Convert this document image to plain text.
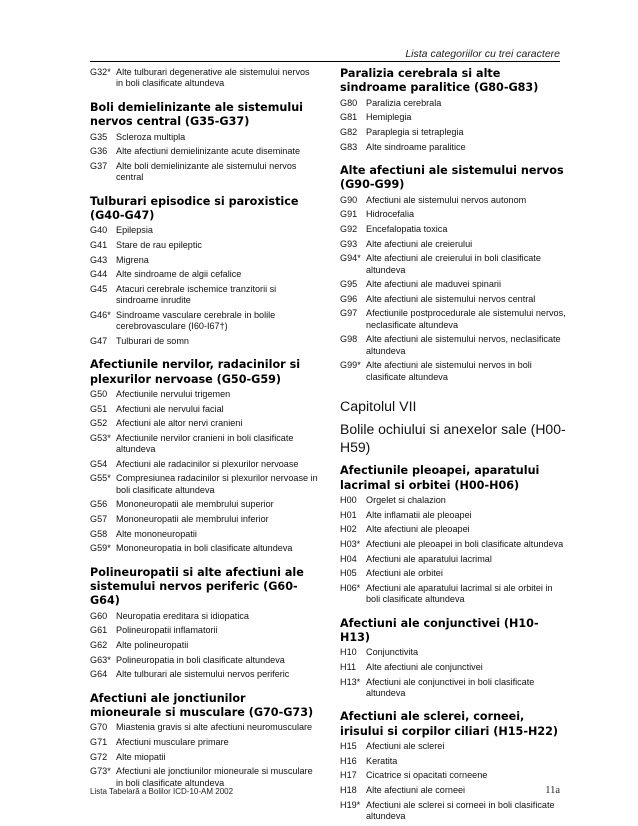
Lista categoriilor cu trei caractere
G32* Alte tulburari degenerative ale sistemului nervos in boli clasificate altundeva
Boli demielinizante ale sistemului nervos central (G35-G37)
G35 Scleroza multipla
G36 Alte afectiuni demielinizante acute diseminate
G37 Alte boli demielinizante ale sistemului nervos central
Tulburari episodice si paroxistice (G40-G47)
G40 Epilepsia
G41 Stare de rau epileptic
G43 Migrena
G44 Alte sindroame de algii cefalice
G45 Atacuri cerebrale ischemice tranzitorii si sindroame inrudite
G46* Sindroame vasculare cerebrale in bolile cerebrovasculare (I60-I67†)
G47 Tulburari de somn
Afectiunile nervilor, radacinilor si plexurilor nervoase (G50-G59)
G50 Afectiunile nervului trigemen
G51 Afectiuni ale nervului facial
G52 Afectiuni ale altor nervi cranieni
G53* Afectiunile nervilor cranieni in boli clasificate altundeva
G54 Afectiuni ale radacinilor si plexurilor nervoase
G55* Compresiunea radacinilor si plexurilor nervoase in boli clasificate altundeva
G56 Mononeuropatii ale membrului superior
G57 Mononeuropatii ale membrului inferior
G58 Alte mononeuropatii
G59* Mononeuropatia in boli clasificate altundeva
Polineuropatii si alte afectiuni ale sistemului nervos periferic (G60-G64)
G60 Neuropatia ereditara si idiopatica
G61 Polineuropatii inflamatorii
G62 Alte polineuropatii
G63* Polineuropatia in boli clasificate altundeva
G64 Alte tulburari ale sistemului nervos periferic
Afectiuni ale jonctiunilor mioneurale si musculare (G70-G73)
G70 Miastenia gravis si alte afectiuni neuromusculare
G71 Afectiuni musculare primare
G72 Alte miopatii
G73* Afectiuni ale jonctiunilor mioneurale si musculare in boli clasificate altundeva
Paralizia cerebrala si alte sindroame paralitice (G80-G83)
G80 Paralizia cerebrala
G81 Hemiplegia
G82 Paraplegia si tetraplegia
G83 Alte sindroame paralitice
Alte afectiuni ale sistemului nervos (G90-G99)
G90 Afectiuni ale sistemului nervos autonom
G91 Hidrocefalia
G92 Encefalopatia toxica
G93 Alte afectiuni ale creierului
G94* Alte afectiuni ale creierului in boli clasificate altundeva
G95 Alte afectiuni ale maduvei spinarii
G96 Alte afectiuni ale sistemului nervos central
G97 Afectiunile postprocedurale ale sistemului nervos, neclasificate altundeva
G98 Alte afectiuni ale sistemului nervos, neclasificate altundeva
G99* Alte afectiuni ale sistemului nervos in boli clasificate altundeva
Capitolul VII
Bolile ochiului si anexelor sale (H00-H59)
Afectiunile pleoapei, aparatului lacrimal si orbitei (H00-H06)
H00	Orgelet si chalazion
H01	Alte inflamatii ale pleoapei
H02	Alte afectiuni ale pleoapei
H03* Afectiuni ale pleoapei in boli clasificate altundeva
H04	Afectiuni ale aparatului lacrimal
H05	Afectiuni ale orbitei
H06* Afectiuni ale aparatului lacrimal si ale orbitei in boli clasificate altundeva
Afectiuni ale conjunctivei (H10-H13)
H10	Conjunctivita
H11	Alte afectiuni ale conjunctivei
H13* Afectiuni ale conjunctivei in boli clasificate altundeva
Afectiuni ale sclerei, corneei, irisului si corpilor ciliari (H15-H22)
H15	Afectiuni ale sclerei
H16	Keratita
H17	Cicatrice si opacitati corneene
H18	Alte afectiuni ale corneei
H19* Afectiuni ale sclerei si corneei in boli clasificate altundeva
Lista Tabelară a Bolilor ICD-10-AM 2002	11a
